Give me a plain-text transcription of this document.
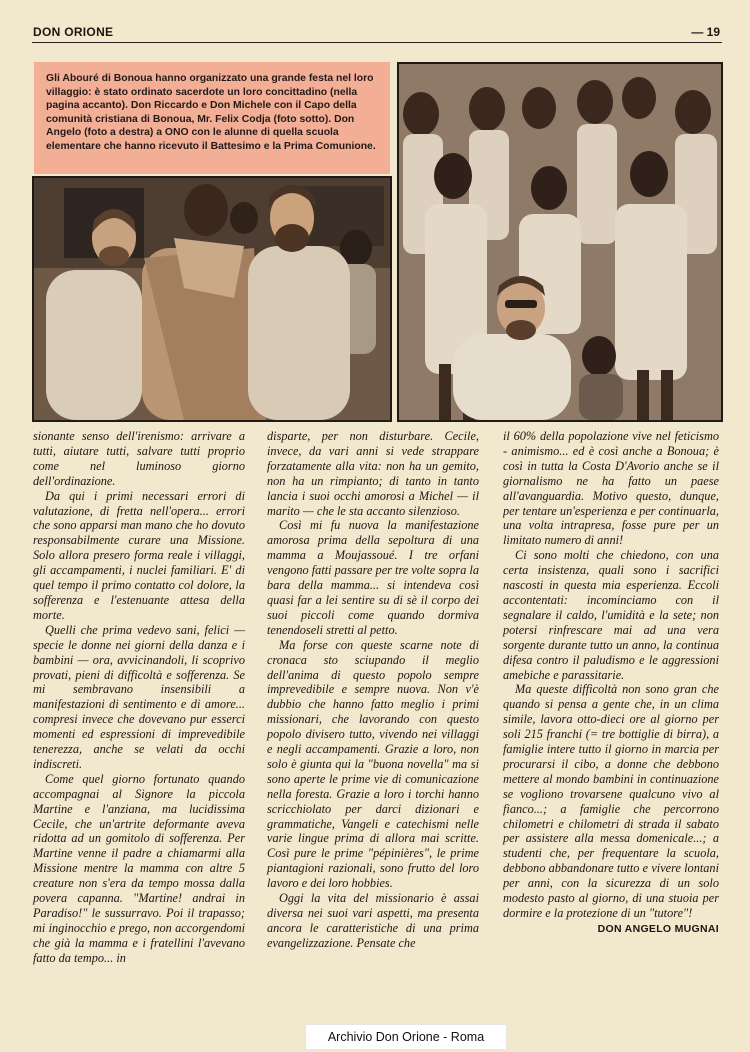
DON ORIONE	— 19
Gli Abouré di Bonoua hanno organizzato una grande festa nel loro villaggio: è stato ordinato sacerdote un loro concittadino (nella pagina accanto). Don Riccardo e Don Michele con il Capo della comunità cristiana di Bonoua, Mr. Felix Codja (foto sotto). Don Angelo (foto a destra) a ONO con le alunne di quella scuola elementare che hanno ricevuto il Battesimo e la Prima Comunione.

sionante senso dell'irenismo: arrivare a tutti, aiutare tutti, salvare tutti proprio come nel luminoso giorno dell'ordinazione.

Da qui i primi necessari errori di valutazione, di fretta nell'opera... errori che sono apparsi man mano che ho dovuto responsabilmente curare una Missione. Solo allora presero forma reale i villaggi, gli accampamenti, i nuclei familiari. E' di quel tempo il primo contatto col dolore, la sofferenza e l'estenuante attesa della morte.

Quelli che prima vedevo sani, felici — specie le donne nei giorni della danza e i bambini — ora, avvicinandoli, li scoprivo provati, pieni di difficoltà e sofferenza. Se mi sembravano insensibili a manifestazioni di sentimento e di amore... compresi invece che dovevano pur esserci momenti ed espressioni di imprevedibile tenerezza, anche se velati da occhi indiscreti.

Come quel giorno fortunato quando accompagnai al Signore la piccola Martine e l'anziana, ma lucidissima Cecile, che un'artrite deformante aveva ridotta ad un gomitolo di sofferenza. Per Martine venne il padre a chiamarmi alla Missione mentre la mamma con altre 5 creature non s'era da tempo mossa dalla povera capanna. "Martine! andrai in Paradiso!" le sussurravo. Poi il trapasso; mi inginocchio e prego, non accorgendomi che già la mamma e i fratellini l'avevano fatto da tempo... in

disparte, per non disturbare. Cecile, invece, da vari anni si vede strappare forzatamente alla vita: non ha un gemito, non ha un rimpianto; di tanto in tanto lancia i suoi occhi amorosi a Michel — il marito — che le sta accanto silenzioso.

Così mi fu nuova la manifestazione amorosa prima della sepoltura di una mamma a Moujassoué. I tre orfani vengono fatti passare per tre volte sopra la bara della mamma... si intendeva così quasi far a lei sentire su di sè il corpo dei suoi piccoli come quando dormiva tenendoseli stretti al petto.

Ma forse con queste scarne note di cronaca sto sciupando il meglio dell'anima di questo popolo sempre imprevedibile e sempre nuova. Non v'è dubbio che hanno fatto meglio i primi missionari, che lavorando con questo popolo divisero tutto, vivendo nei villaggi e negli accampamenti. Grazie a loro, non solo è giunta qui la "buona novella" ma si sono aperte le prime vie di comunicazione nella foresta. Grazie a loro i torchi hanno scricchiolato per darci dizionari e grammatiche, Vangeli e catechismi nelle varie lingue prima di allora mai scritte. Così pure le prime "pépinières", le prime piantagioni razionali, sono frutto del loro lavoro e dei loro hobbies.

Oggi la vita del missionario è assai diversa nei suoi vari aspetti, ma presenta ancora le caratteristiche di una prima evangelizzazione. Pensate che

il 60% della popolazione vive nel feticismo - animismo... ed è così anche a Bonoua; è così in tutta la Costa D'Avorio anche se il giornalismo ne ha fatto un paese all'avanguardia. Motivo questo, dunque, per tentare un'esperienza e per continuarla, una volta intrapresa, fosse pure per un limitato numero di anni!

Ci sono molti che chiedono, con una certa insistenza, quali sono i sacrifici nascosti in questa mia esperienza. Eccoli accontentati: incominciamo con il segnalare il caldo, l'umidità e la sete; non potersi rinfrescare mai ad una vera sorgente durante tutto un anno, la continua difesa contro il paludismo e le aggressioni amebiche e parassitarie.

Ma queste difficoltà non sono gran che quando si pensa a gente che, in un clima simile, lavora otto-dieci ore al giorno per soli 215 franchi (= tre bottiglie di birra), a famiglie intere tutto il giorno in marcia per procurarsi il cibo, a donne che debbono mettere al mondo bambini in continuazione se vogliono trovarsene qualcuno vivo al fianco...; a famiglie che percorrono chilometri e chilometri di strada il sabato per assistere alla messa domenicale...; a studenti che, per frequentare la scuola, debbono abbandonare tutto e vivere lontani per anni, con la sicurezza di un solo modesto pasto al giorno, di una stuoia per dormire e la protezione di un "tutore"!

DON ANGELO MUGNAI
Archivio Don Orione - Roma
